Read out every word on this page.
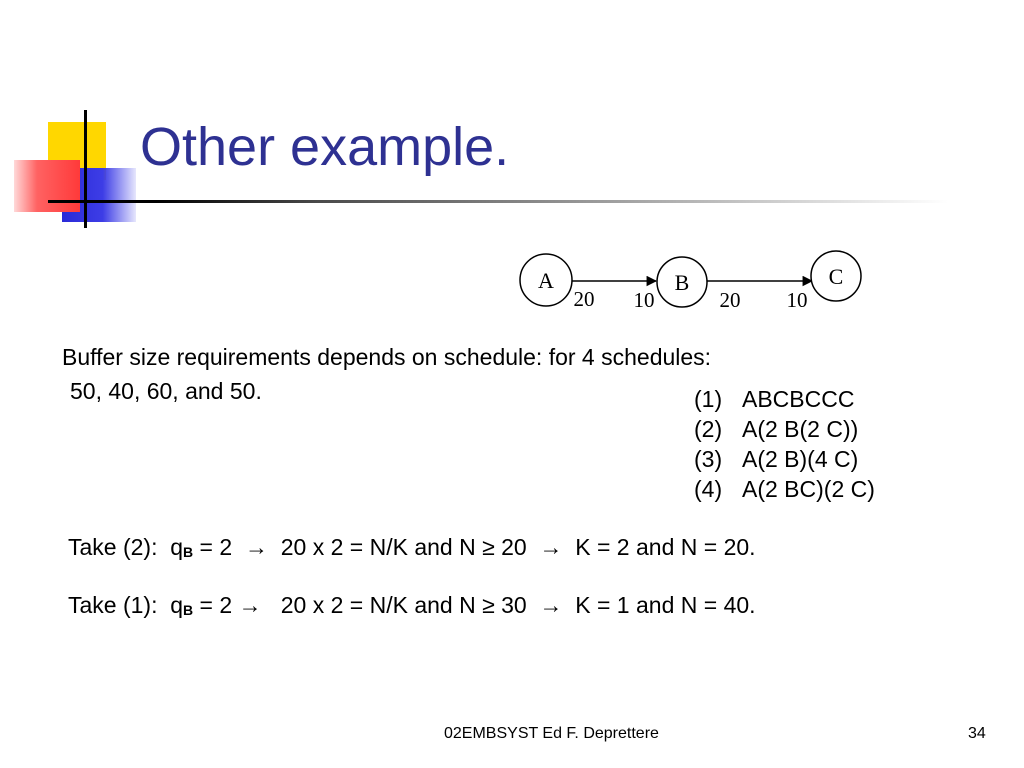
Other example.
A	B	C
20 10	20 10
Buffer size requirements depends on schedule: for 4 schedules:
50, 40, 60, and 50.	(1) ABCBCCC
(2) A(2 B(2 C))
(3) A(2 B)(4 C)
(4) A(2 BC)(2 C)
Take (2):  qB = 2  →  20 x 2 = N/K and N ≥ 20  →  K = 2 and N = 20.
Take (1):  qB = 2 →   20 x 2 = N/K and N ≥ 30  →  K = 1 and N = 40.
02EMBSYST Ed F. Deprettere	34
